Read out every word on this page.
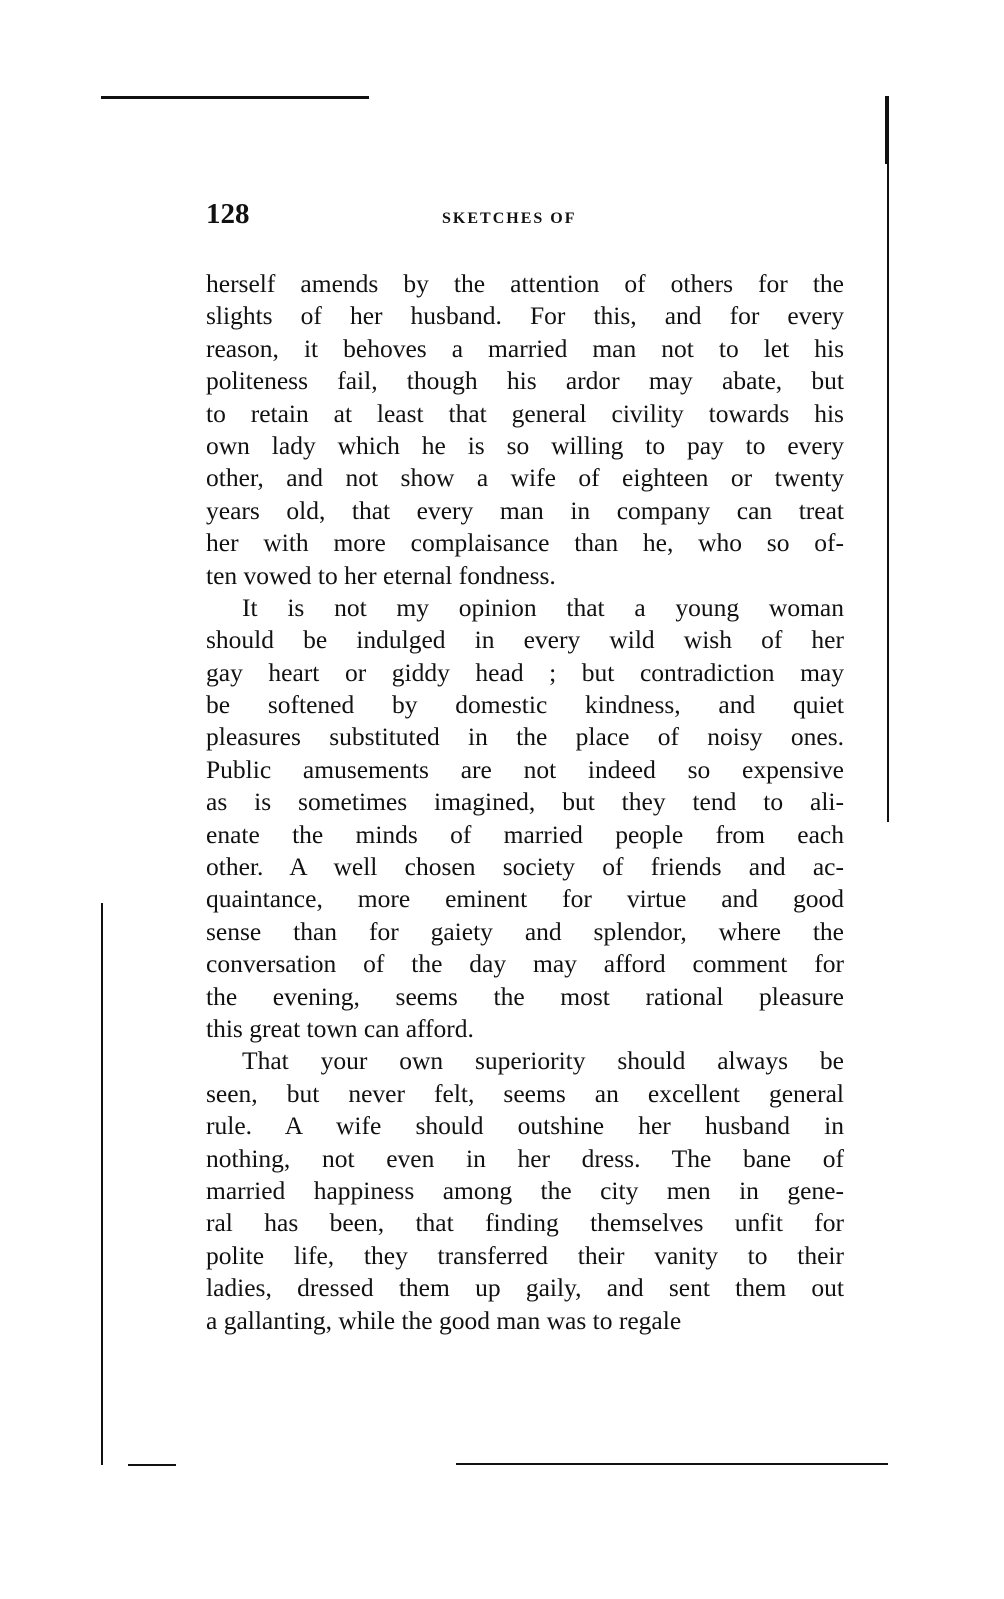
128	SKETCHES OF
herself amends by the attention of others for the
slights of her husband. For this, and for every
reason, it behoves a married man not to let his
politeness fail, though his ardor may abate, but
to retain at least that general civility towards his
own lady which he is so willing to pay to every
other, and not show a wife of eighteen or twenty
years old, that every man in company can treat
her with more complaisance than he, who so of-
ten vowed to her eternal fondness.
It is not my opinion that a young woman
should be indulged in every wild wish of her
gay heart or giddy head ; but contradiction may
be softened by domestic kindness, and quiet
pleasures substituted in the place of noisy ones.
Public amusements are not indeed so expensive
as is sometimes imagined, but they tend to ali-
enate the minds of married people from each
other. A well chosen society of friends and ac-
quaintance, more eminent for virtue and good
sense than for gaiety and splendor, where the
conversation of the day may afford comment for
the evening, seems the most rational pleasure
this great town can afford.
That your own superiority should always be
seen, but never felt, seems an excellent general
rule. A wife should outshine her husband in
nothing, not even in her dress. The bane of
married happiness among the city men in gene-
ral has been, that finding themselves unfit for
polite life, they transferred their vanity to their
ladies, dressed them up gaily, and sent them out
a gallanting, while the good man was to regale
